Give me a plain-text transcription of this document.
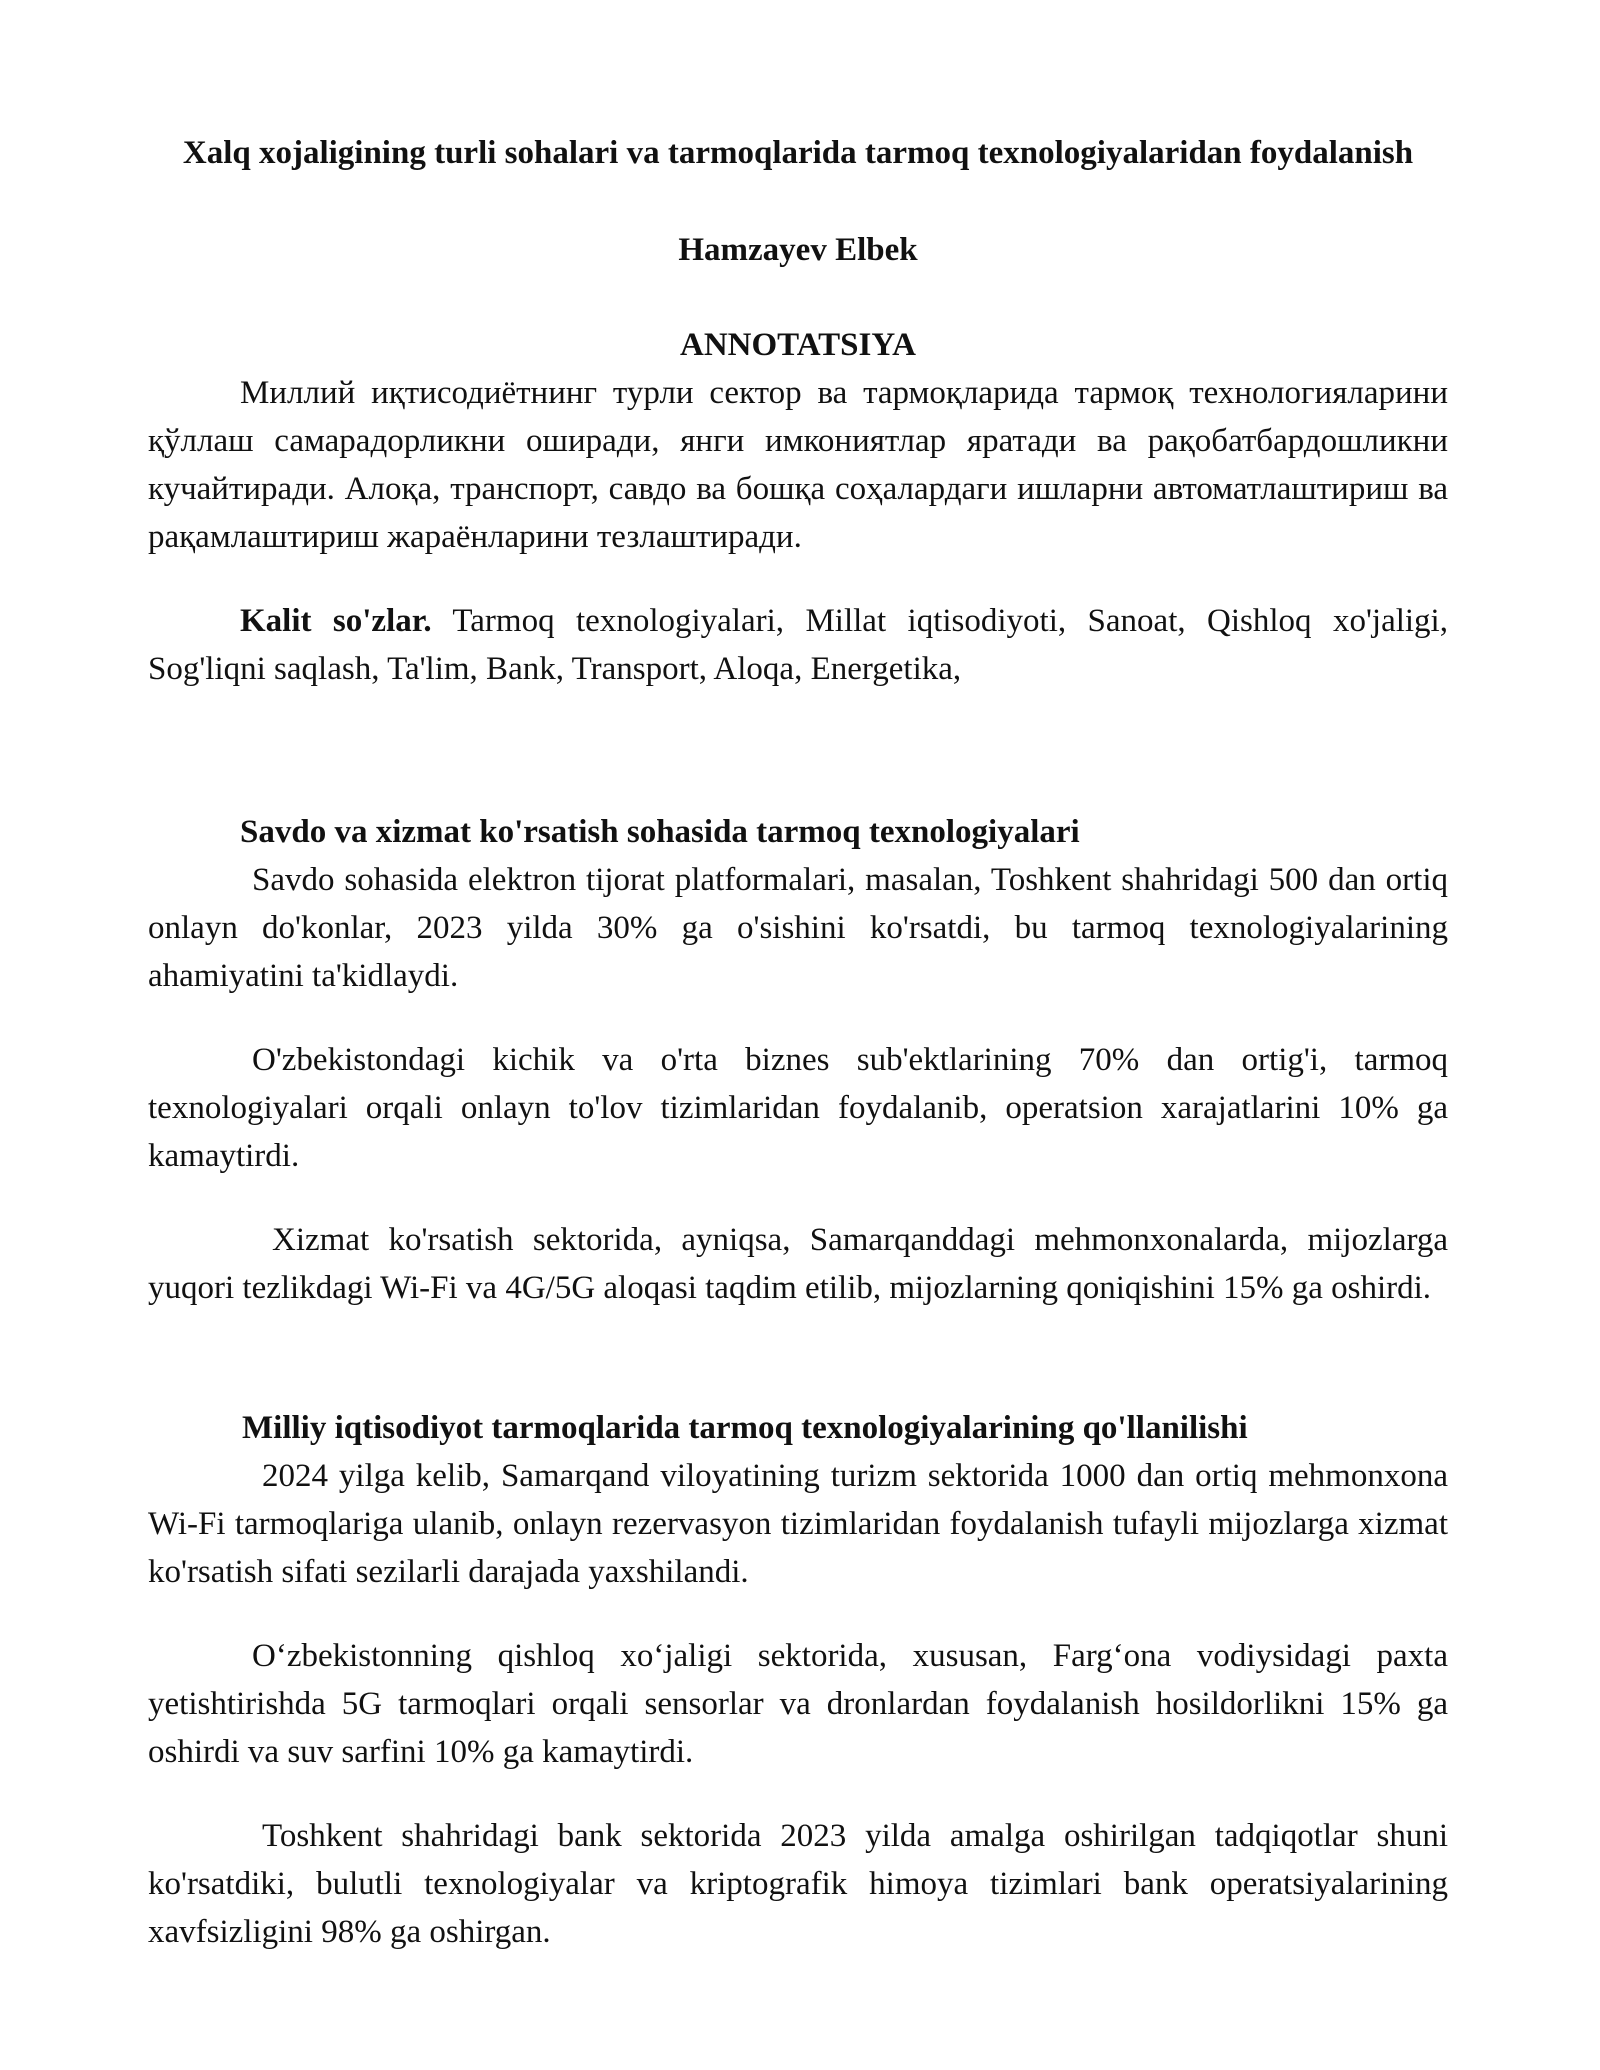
Xalq xojaligining turli sohalari va tarmoqlarida tarmoq texnologiyalaridan foydalanish

Hamzayev Elbek

ANNOTATSIYA

Миллий иқтисодиётнинг турли сектор ва тармоқларида тармоқ технологияларини қўллаш самарадорликни оширади, янги имкониятлар яратади ва рақобатбардошликни кучайтиради. Алоқа, транспорт, савдо ва бошқа соҳалардаги ишларни автоматлаштириш ва рақамлаштириш жараёнларини тезлаштиради.

Kalit so'zlar. Tarmoq texnologiyalari, Millat iqtisodiyoti, Sanoat, Qishloq xo'jaligi, Sog'liqni saqlash, Ta'lim, Bank, Transport, Aloqa, Energetika,

Savdo va xizmat ko'rsatish sohasida tarmoq texnologiyalari

Savdo sohasida elektron tijorat platformalari, masalan, Toshkent shahridagi 500 dan ortiq onlayn do'konlar, 2023 yilda 30% ga o'sishini ko'rsatdi, bu tarmoq texnologiyalarining ahamiyatini ta'kidlaydi.

O'zbekistondagi kichik va o'rta biznes sub'ektlarining 70% dan ortig'i, tarmoq texnologiyalari orqali onlayn to'lov tizimlaridan foydalanib, operatsion xarajatlarini 10% ga kamaytirdi.

Xizmat ko'rsatish sektorida, ayniqsa, Samarqanddagi mehmonxonalarda, mijozlarga yuqori tezlikdagi Wi-Fi va 4G/5G aloqasi taqdim etilib, mijozlarning qoniqishini 15% ga oshirdi.

Milliy iqtisodiyot tarmoqlarida tarmoq texnologiyalarining qo'llanilishi

2024 yilga kelib, Samarqand viloyatining turizm sektorida 1000 dan ortiq mehmonxona Wi-Fi tarmoqlariga ulanib, onlayn rezervasyon tizimlaridan foydalanish tufayli mijozlarga xizmat ko'rsatish sifati sezilarli darajada yaxshilandi.

O‘zbekistonning qishloq xo‘jaligi sektorida, xususan, Farg‘ona vodiysidagi paxta yetishtirishda 5G tarmoqlari orqali sensorlar va dronlardan foydalanish hosildorlikni 15% ga oshirdi va suv sarfini 10% ga kamaytirdi.

Toshkent shahridagi bank sektorida 2023 yilda amalga oshirilgan tadqiqotlar shuni ko'rsatdiki, bulutli texnologiyalar va kriptografik himoya tizimlari bank operatsiyalarining xavfsizligini 98% ga oshirgan.
